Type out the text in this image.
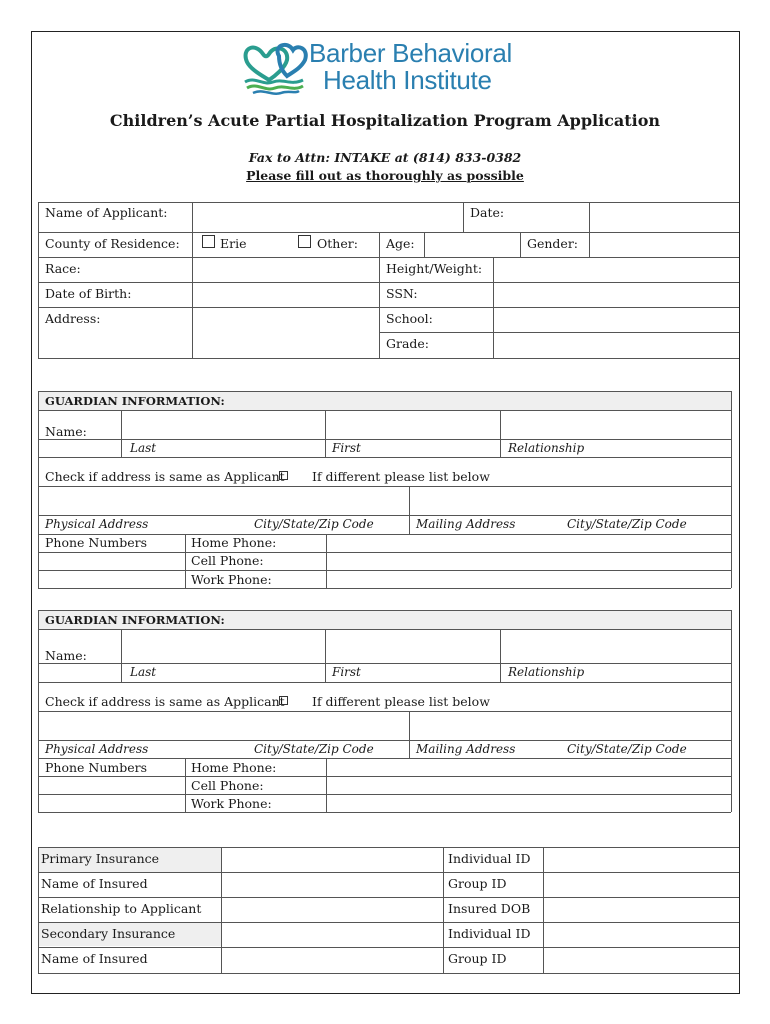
Barber Behavioral
Health Institute
Children’s Acute Partial Hospitalization Program Application
Fax to Attn: INTAKE at (814) 833-0382
Please fill out as thoroughly as possible
Name of Applicant:	Date:
County of Residence:	Erie	Other: Age:	Gender:
Race:	Height/Weight:
Date of Birth:	SSN:
Address:	School:
Grade:
GUARDIAN INFORMATION:
Name:
Last	First	Relationship
Check if address is same as Applicant If different please list below
Physical Address	City/State/Zip Code	Mailing Address	City/State/Zip Code
Phone Numbers	Home Phone:
Cell Phone:
Work Phone:
GUARDIAN INFORMATION:
Name:
Last	First	Relationship
Check if address is same as Applicant If different please list below
Physical Address	City/State/Zip Code	Mailing Address	City/State/Zip Code
Phone Numbers	Home Phone:
Cell Phone:
Work Phone:
Primary Insurance	Individual ID
Name of Insured	Group ID
Relationship to Applicant	Insured DOB
Secondary Insurance	Individual ID
Name of Insured	Group ID
